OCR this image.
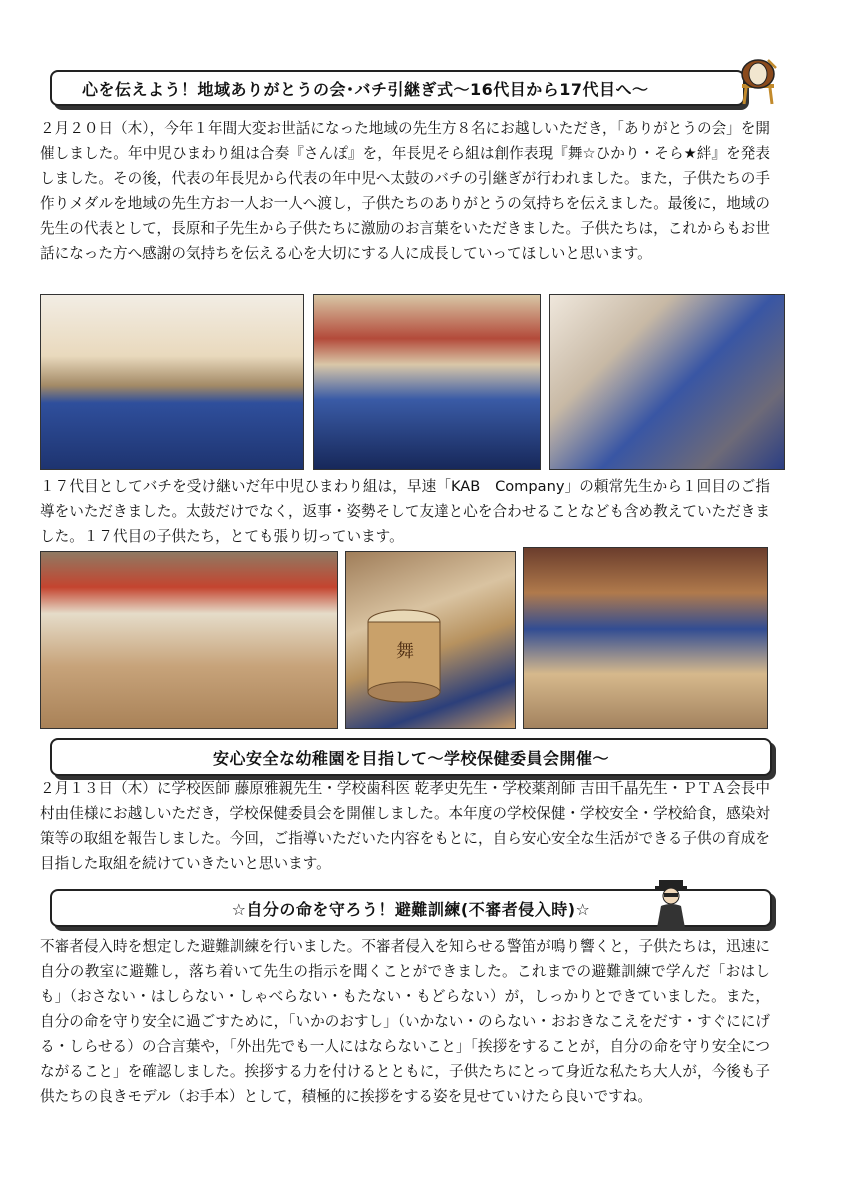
心を伝えよう！地域ありがとうの会･バチ引継ぎ式～16代目から17代目へ～

２月２０日（木），今年１年間大変お世話になった地域の先生方８名にお越しいただき，「ありがとうの会」を開催しました。年中児ひまわり組は合奏『さんぽ』を，年長児そら組は創作表現『舞☆ひかり・そら★絆』を発表しました。その後，代表の年長児から代表の年中児へ太鼓のバチの引継ぎが行われました。また，子供たちの手作りメダルを地域の先生方お一人お一人へ渡し，子供たちのありがとうの気持ちを伝えました。最後に，地域の先生の代表として，長原和子先生から子供たちに激励のお言葉をいただきました。子供たちは，これからもお世話になった方へ感謝の気持ちを伝える心を大切にする人に成長していってほしいと思います。

１７代目としてバチを受け継いだ年中児ひまわり組は，早速「KAB　Company」の頼常先生から１回目のご指導をいただきました。太鼓だけでなく，返事・姿勢そして友達と心を合わせることなども含め教えていただきました。１７代目の子供たち，とても張り切っています。

舞
安心安全な幼稚園を目指して～学校保健委員会開催～

２月１３日（木）に学校医師 藤原雅親先生・学校歯科医 乾孝史先生・学校薬剤師 吉田千晶先生・ＰＴＡ会長中村由佳様にお越しいただき，学校保健委員会を開催しました。本年度の学校保健・学校安全・学校給食，感染対策等の取組を報告しました。今回，ご指導いただいた内容をもとに，自ら安心安全な生活ができる子供の育成を目指した取組を続けていきたいと思います。

☆自分の命を守ろう！避難訓練(不審者侵入時)☆

不審者侵入時を想定した避難訓練を行いました。不審者侵入を知らせる警笛が鳴り響くと，子供たちは，迅速に自分の教室に避難し，落ち着いて先生の指示を聞くことができました。これまでの避難訓練で学んだ「おはしも」（おさない・はしらない・しゃべらない・もたない・もどらない）が，しっかりとできていました。また，自分の命を守り安全に過ごすために，「いかのおすし」（いかない・のらない・おおきなこえをだす・すぐににげる・しらせる）の合言葉や，「外出先でも一人にはならないこと」「挨拶をすることが，自分の命を守り安全につながること」を確認しました。挨拶する力を付けるとともに，子供たちにとって身近な私たち大人が，今後も子供たちの良きモデル（お手本）として，積極的に挨拶をする姿を見せていけたら良いですね。
